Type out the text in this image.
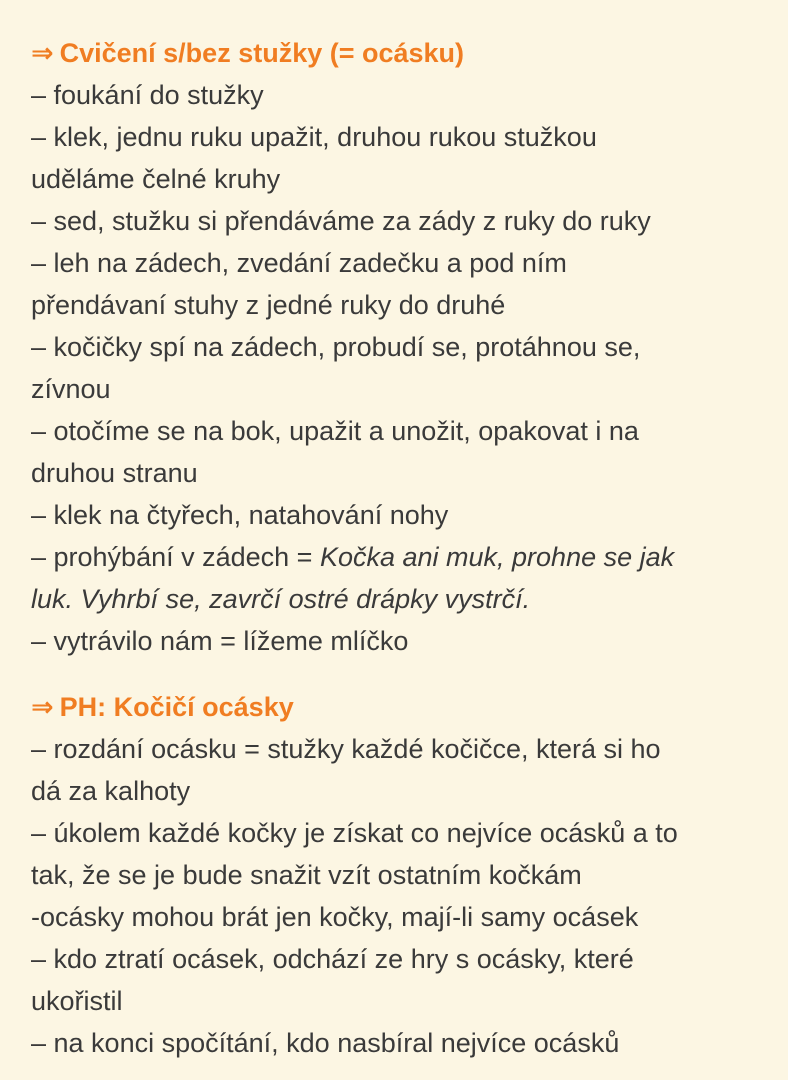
⇒ Cvičení s/bez stužky (= ocásku)

– foukání do stužky

– klek, jednu ruku upažit, druhou rukou stužkou

uděláme čelné kruhy

– sed, stužku si přendáváme za zády z ruky do ruky

– leh na zádech, zvedání zadečku a pod ním

přendávaní stuhy z jedné ruky do druhé

– kočičky spí na zádech, probudí se, protáhnou se,

zívnou

– otočíme se na bok, upažit a unožit, opakovat i na

druhou stranu

– klek na čtyřech, natahování nohy

– prohýbání v zádech = Kočka ani muk, prohne se jak

luk. Vyhrbí se, zavrčí ostré drápky vystrčí.

– vytrávilo nám = lížeme mlíčko

⇒ PH: Kočičí ocásky

– rozdání ocásku = stužky každé kočičce, která si ho

dá za kalhoty

– úkolem každé kočky je získat co nejvíce ocásků a to

tak, že se je bude snažit vzít ostatním kočkám

-ocásky mohou brát jen kočky, mají-li samy ocásek

– kdo ztratí ocásek, odchází ze hry s ocásky, které

ukořistil

– na konci spočítání, kdo nasbíral nejvíce ocásků
